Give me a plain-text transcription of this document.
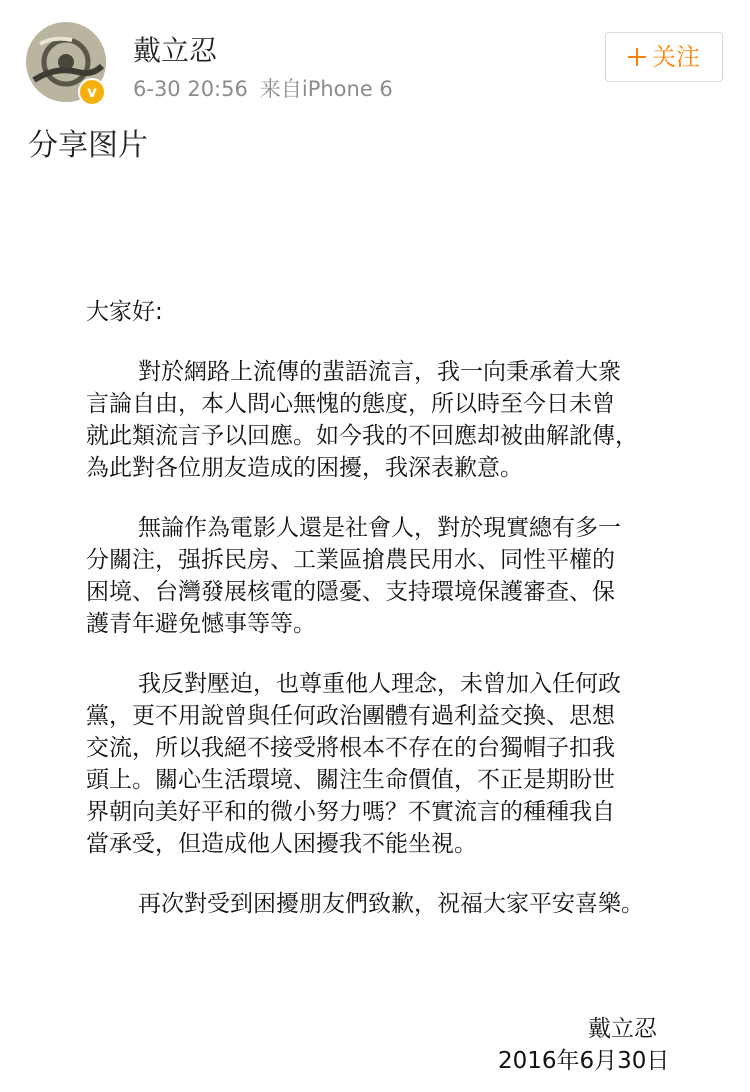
v
戴立忍
6-30 20:56 来自iPhone 6
关注
分享图片
大家好:
對於網路上流傳的蜚語流言，我一向秉承着大衆
言論自由，本人問心無愧的態度，所以時至今日未曾
就此類流言予以回應。如今我的不回應却被曲解訛傳，
為此對各位朋友造成的困擾，我深表歉意。
無論作為電影人還是社會人，對於現實總有多一
分關注，强拆民房、工業區搶農民用水、同性平權的
困境、台灣發展核電的隱憂、支持環境保護審查、保
護青年避免憾事等等。
我反對壓迫，也尊重他人理念，未曾加入任何政
黨，更不用說曾與任何政治團體有過利益交換、思想
交流，所以我絕不接受將根本不存在的台獨帽子扣我
頭上。關心生活環境、關注生命價值，不正是期盼世
界朝向美好平和的微小努力嗎？不實流言的種種我自
當承受，但造成他人困擾我不能坐視。
再次對受到困擾朋友們致歉，祝福大家平安喜樂。
戴立忍
2016年6月30日
